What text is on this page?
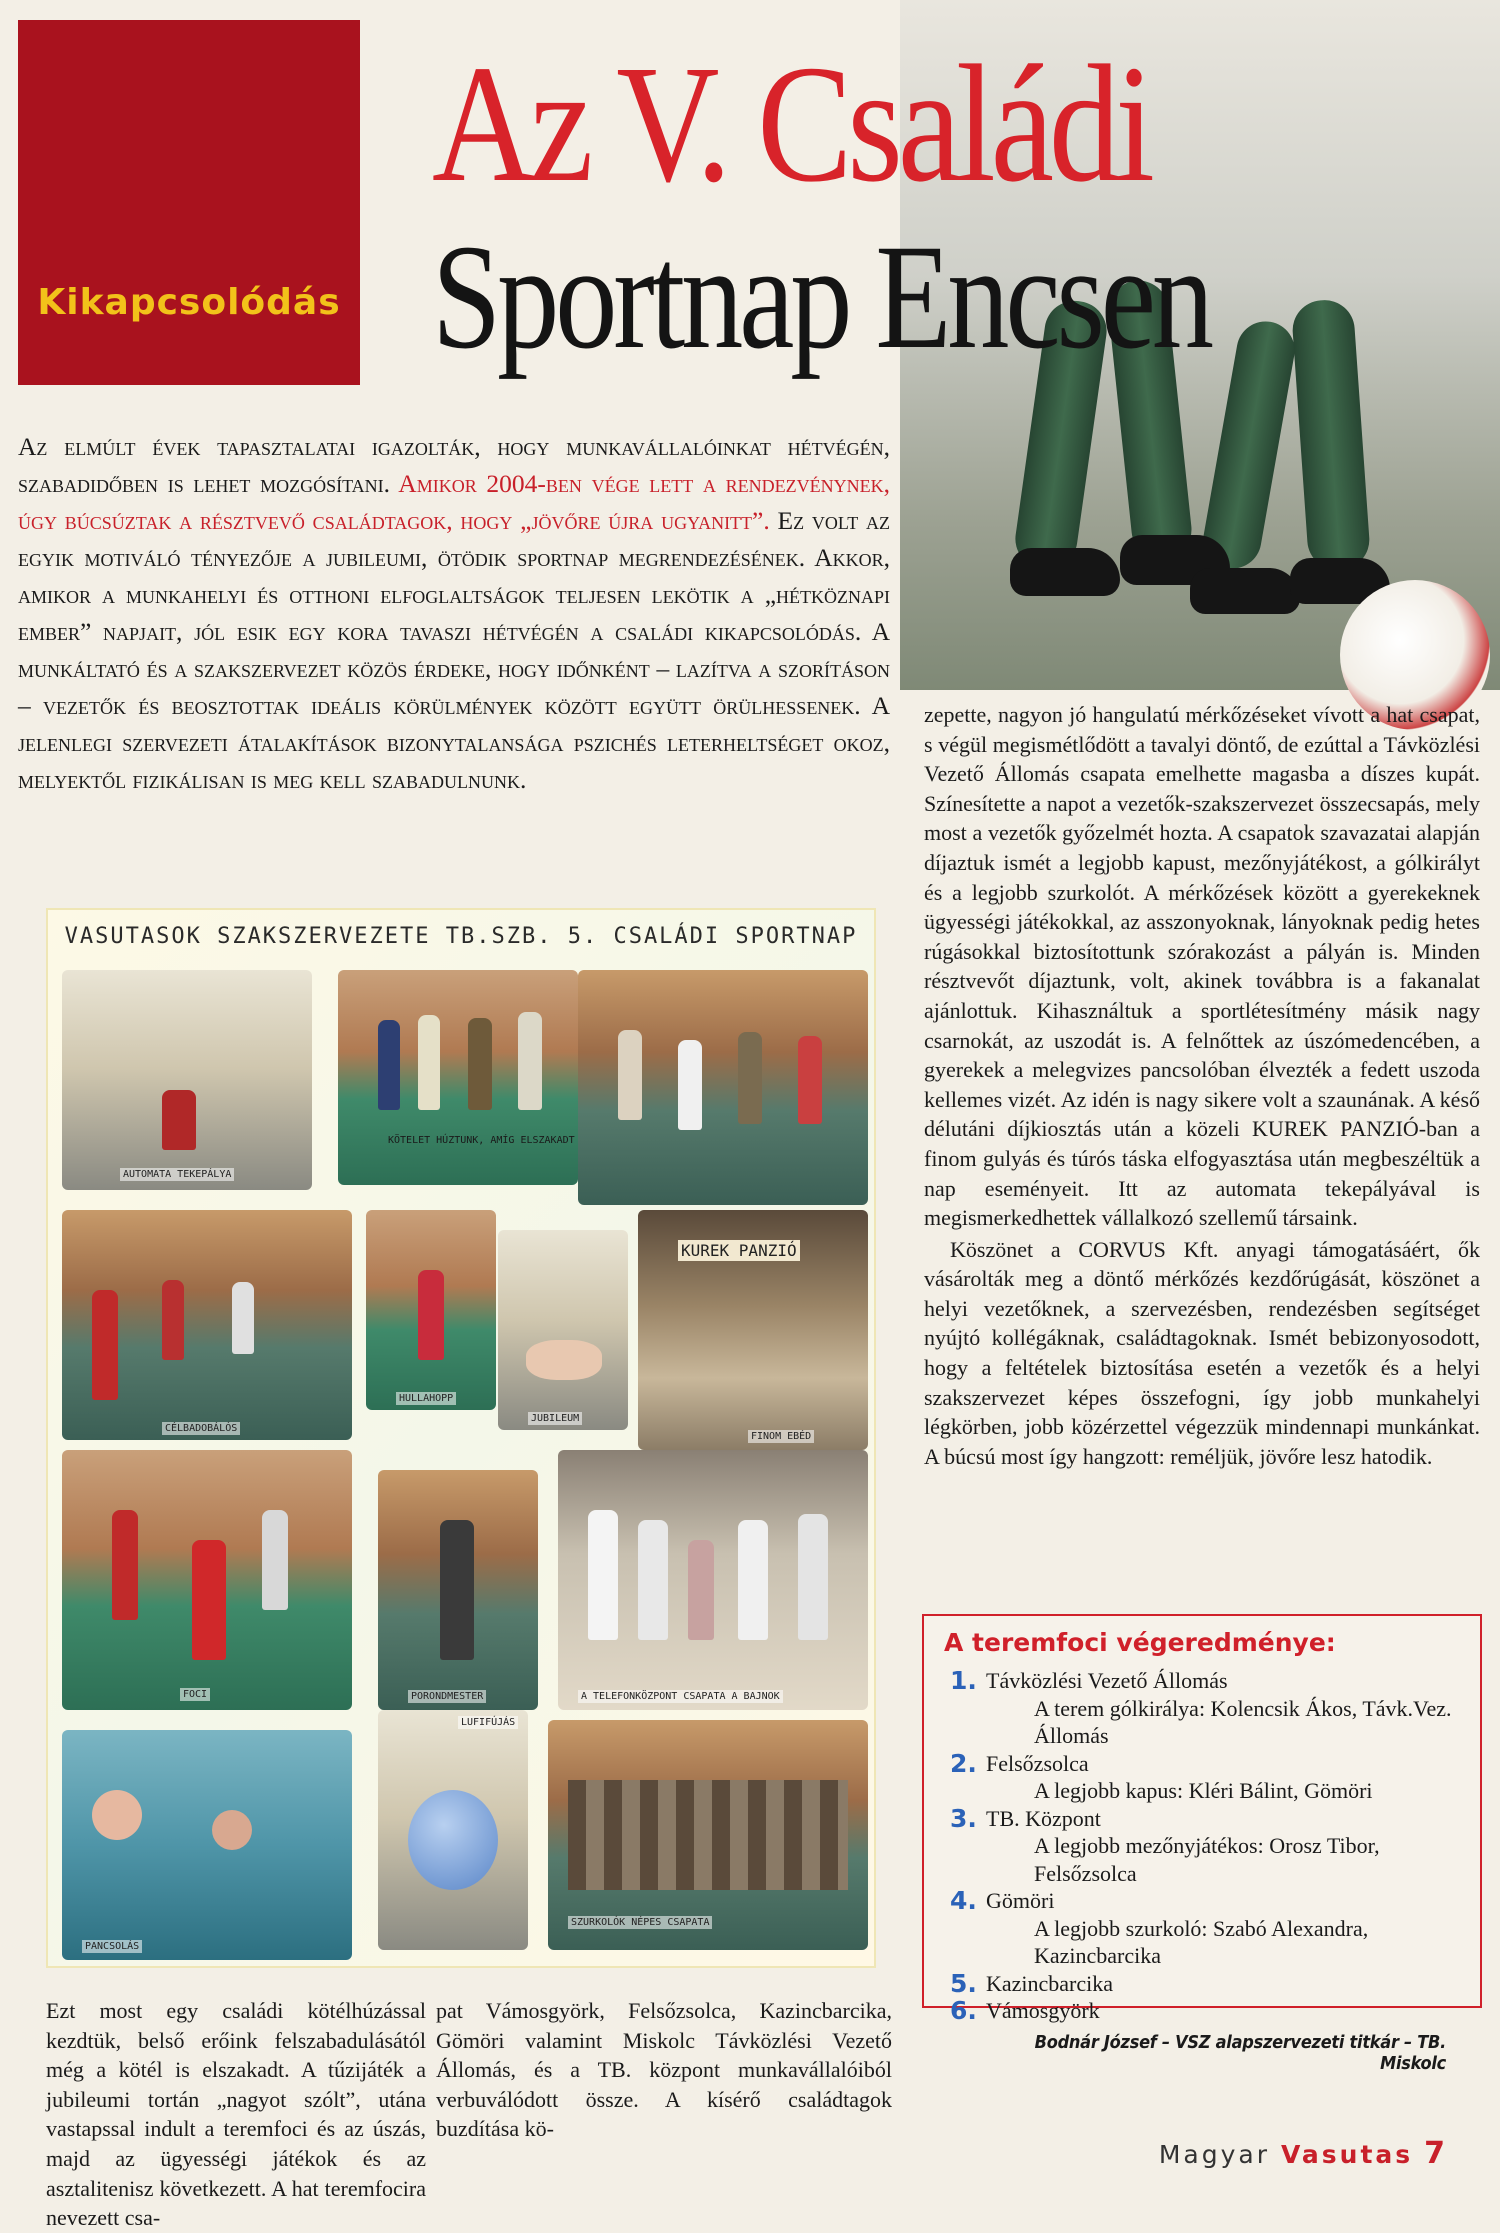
Kikapcsolódás
Az V. Családi
Sportnap Encsen
Az elmúlt évek tapasztalatai igazolták, hogy munkavállalóinkat hétvégén, szabadidőben is lehet mozgósítani. Amikor 2004-ben vége lett a rendezvénynek, úgy búcsúztak a résztvevő családtagok, hogy „jövőre újra ugyanitt”. Ez volt az egyik motiváló tényezője a jubileumi, ötödik sportnap megrendezésének. Akkor, amikor a munkahelyi és otthoni elfoglaltságok teljesen lekötik a „hétköznapi ember” napjait, jól esik egy kora tavaszi hétvégén a családi kikapcsolódás. A munkáltató és a szakszervezet közös érdeke, hogy időnként – lazítva a szorításon – vezetők és beosztottak ideális körülmények között együtt örülhessenek. A jelenlegi szervezeti átalakítások bizonytalansága pszichés leterheltséget okoz, melyektől fizikálisan is meg kell szabadulnunk.
VASUTASOK SZAKSZERVEZETE TB.SZB. 5. CSALÁDI SPORTNAP
AUTOMATA TEKEPÁLYA
KÖTELET HÚZTUNK, AMÍG ELSZAKADT
CÉLBADOBÁLÓS
HULLAHOPP
JUBILEUM
KUREK PANZIÓ
FINOM EBÉD
FOCI	PORONDMESTER	A TELEFONKÖZPONT CSAPATA A BAJNOK
PANCSOLÁS
LUFIFÚJÁS
SZURKOLÓK NÉPES CSAPATA
Ezt most egy családi kötélhúzással kezdtük, belső erőink felszabadulásától még a kötél is elszakadt. A tűzijáték a jubileumi tortán „nagyot szólt”, utána vastapssal indult a teremfoci és az úszás, majd az ügyességi játékok és az asztalitenisz következett. A hat teremfocira nevezett csa-
pat Vámosgyörk, Felsőzsolca, Kazincbarcika, Gömöri valamint Miskolc Távközlési Vezető Állomás, és a TB. központ munkavállalóiból verbuválódott össze. A kísérő családtagok buzdítása kö-

zepette, nagyon jó hangulatú mérkőzéseket vívott a hat csapat, s végül megismétlődött a tavalyi döntő, de ezúttal a Távközlési Vezető Állomás csapata emelhette magasba a díszes kupát. Színesítette a napot a vezetők-szakszervezet összecsapás, mely most a vezetők győzelmét hozta. A csapatok szavazatai alapján díjaztuk ismét a legjobb kapust, mezőnyjátékost, a gólkirályt és a legjobb szurkolót. A mérkőzések között a gyerekeknek ügyességi játékokkal, az asszonyoknak, lányoknak pedig hetes rúgásokkal biztosítottunk szórakozást a pályán is. Minden résztvevőt díjaztunk, volt, akinek továbbra is a fakanalat ajánlottuk. Kihasználtuk a sportlétesítmény másik nagy csarnokát, az uszodát is. A felnőttek az úszómedencében, a gyerekek a melegvizes pancsolóban élvezték a fedett uszoda kellemes vizét. Az idén is nagy sikere volt a szaunának. A késő délutáni díjkiosztás után a közeli KUREK PANZIÓ-ban a finom gulyás és túrós táska elfogyasztása után megbeszéltük a nap eseményeit. Itt az automata tekepályával is megismerkedhettek vállalkozó szellemű társaink.

Köszönet a CORVUS Kft. anyagi támogatásáért, ők vásárolták meg a döntő mérkőzés kezdőrúgását, köszönet a helyi vezetőknek, a szervezésben, rendezésben segítséget nyújtó kollégáknak, családtagoknak. Ismét bebizonyosodott, hogy a feltételek biztosítása esetén a vezetők és a helyi szakszervezet képes összefogni, így jobb munkahelyi légkörben, jobb közérzettel végezzük mindennapi munkánkat. A búcsú most így hangzott: reméljük, jövőre lesz hatodik.

A teremfoci végeredménye:
1. Távközlési Vezető Állomás
A terem gólkirálya: Kolencsik Ákos, Távk.Vez. Állomás
2. Felsőzsolca
A legjobb kapus: Kléri Bálint, Gömöri
3. TB. Központ
A legjobb mezőnyjátékos: Orosz Tibor, Felsőzsolca
4. Gömöri
A legjobb szurkoló: Szabó Alexandra, Kazincbarcika
5. Kazincbarcika
6. Vámosgyörk
Bodnár József – VSZ alapszervezeti titkár – TB. Miskolc
Magyar Vasutas 7
